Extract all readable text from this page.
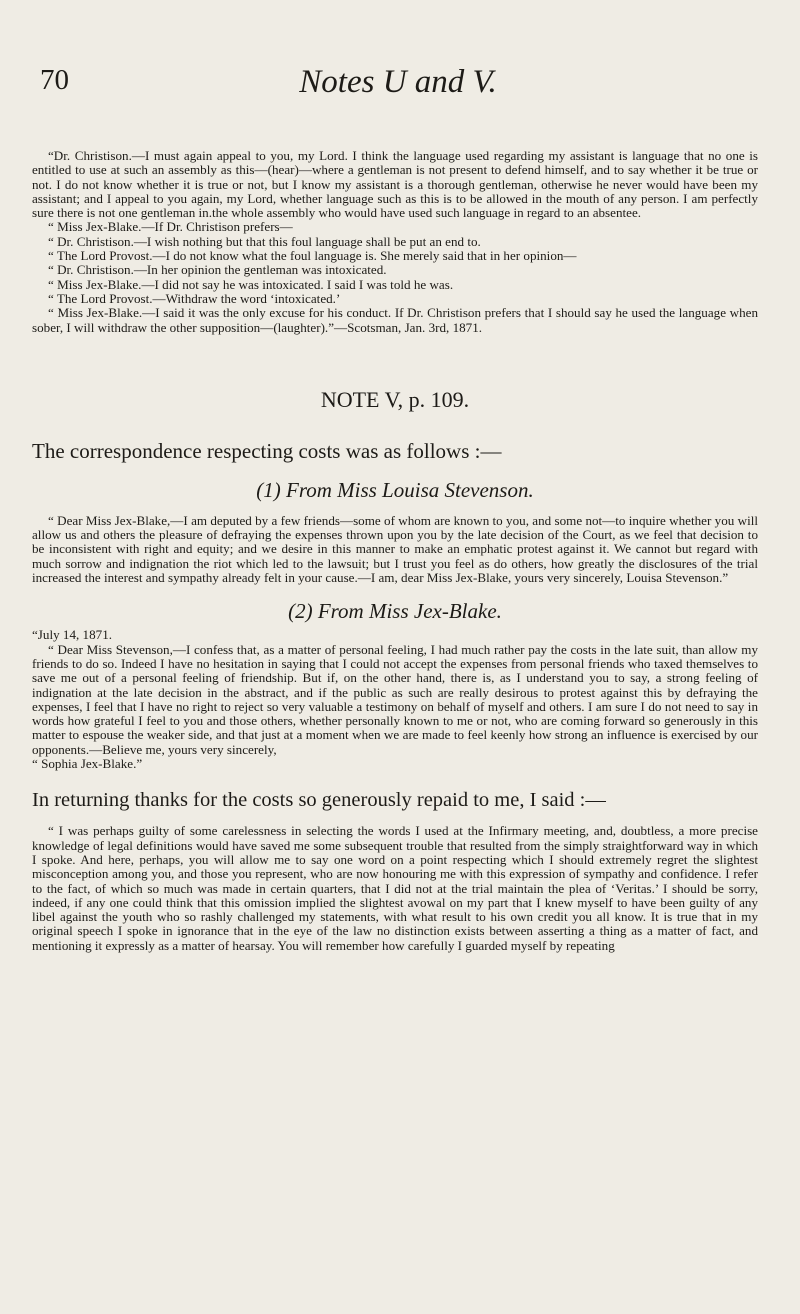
70	Notes U and V.

“Dr. Christison.—I must again appeal to you, my Lord. I think the language used regarding my assistant is language that no one is entitled to use at such an assembly as this—(hear)—where a gentleman is not present to defend himself, and to say whether it be true or not. I do not know whether it is true or not, but I know my assistant is a thorough gentleman, otherwise he never would have been my assistant; and I appeal to you again, my Lord, whether language such as this is to be allowed in the mouth of any person. I am perfectly sure there is not one gentleman in.the whole assembly who would have used such language in regard to an absentee.

“ Miss Jex-Blake.—If Dr. Christison prefers—

“ Dr. Christison.—I wish nothing but that this foul language shall be put an end to.

“ The Lord Provost.—I do not know what the foul language is. She merely said that in her opinion—

“ Dr. Christison.—In her opinion the gentleman was intoxicated.

“ Miss Jex-Blake.—I did not say he was intoxicated. I said I was told he was.

“ The Lord Provost.—Withdraw the word ‘intoxicated.’

“ Miss Jex-Blake.—I said it was the only excuse for his conduct. If Dr. Christison prefers that I should say he used the language when sober, I will withdraw the other supposition—(laughter).”—Scotsman, Jan. 3rd, 1871.

NOTE V, p. 109.
The correspondence respecting costs was as follows :—
(1) From Miss Louisa Stevenson.

“ Dear Miss Jex-Blake,—I am deputed by a few friends—some of whom are known to you, and some not—to inquire whether you will allow us and others the pleasure of defraying the expenses thrown upon you by the late decision of the Court, as we feel that decision to be inconsistent with right and equity; and we desire in this manner to make an emphatic protest against it. We cannot but regard with much sorrow and indignation the riot which led to the lawsuit; but I trust you feel as do others, how greatly the disclosures of the trial increased the interest and sympathy already felt in your cause.—I am, dear Miss Jex-Blake, yours very sincerely, Louisa Stevenson.”

(2) From Miss Jex-Blake.

“July 14, 1871.

“ Dear Miss Stevenson,—I confess that, as a matter of personal feeling, I had much rather pay the costs in the late suit, than allow my friends to do so. Indeed I have no hesitation in saying that I could not accept the expenses from personal friends who taxed themselves to save me out of a personal feeling of friendship. But if, on the other hand, there is, as I understand you to say, a strong feeling of indignation at the late decision in the abstract, and if the public as such are really desirous to protest against this by defraying the expenses, I feel that I have no right to reject so very valuable a testimony on behalf of myself and others. I am sure I do not need to say in words how grateful I feel to you and those others, whether personally known to me or not, who are coming forward so generously in this matter to espouse the weaker side, and that just at a moment when we are made to feel keenly how strong an influence is exercised by our opponents.—Believe me, yours very sincerely,

“ Sophia Jex-Blake.”

In returning thanks for the costs so generously repaid to me, I said :—

“ I was perhaps guilty of some carelessness in selecting the words I used at the Infirmary meeting, and, doubtless, a more precise knowledge of legal definitions would have saved me some subsequent trouble that resulted from the simply straightforward way in which I spoke. And here, perhaps, you will allow me to say one word on a point respecting which I should extremely regret the slightest misconception among you, and those you represent, who are now honouring me with this expression of sympathy and confidence. I refer to the fact, of which so much was made in certain quarters, that I did not at the trial maintain the plea of ‘Veritas.’ I should be sorry, indeed, if any one could think that this omission implied the slightest avowal on my part that I knew myself to have been guilty of any libel against the youth who so rashly challenged my statements, with what result to his own credit you all know. It is true that in my original speech I spoke in ignorance that in the eye of the law no distinction exists between asserting a thing as a matter of fact, and mentioning it expressly as a matter of hearsay. You will remember how carefully I guarded myself by repeating
